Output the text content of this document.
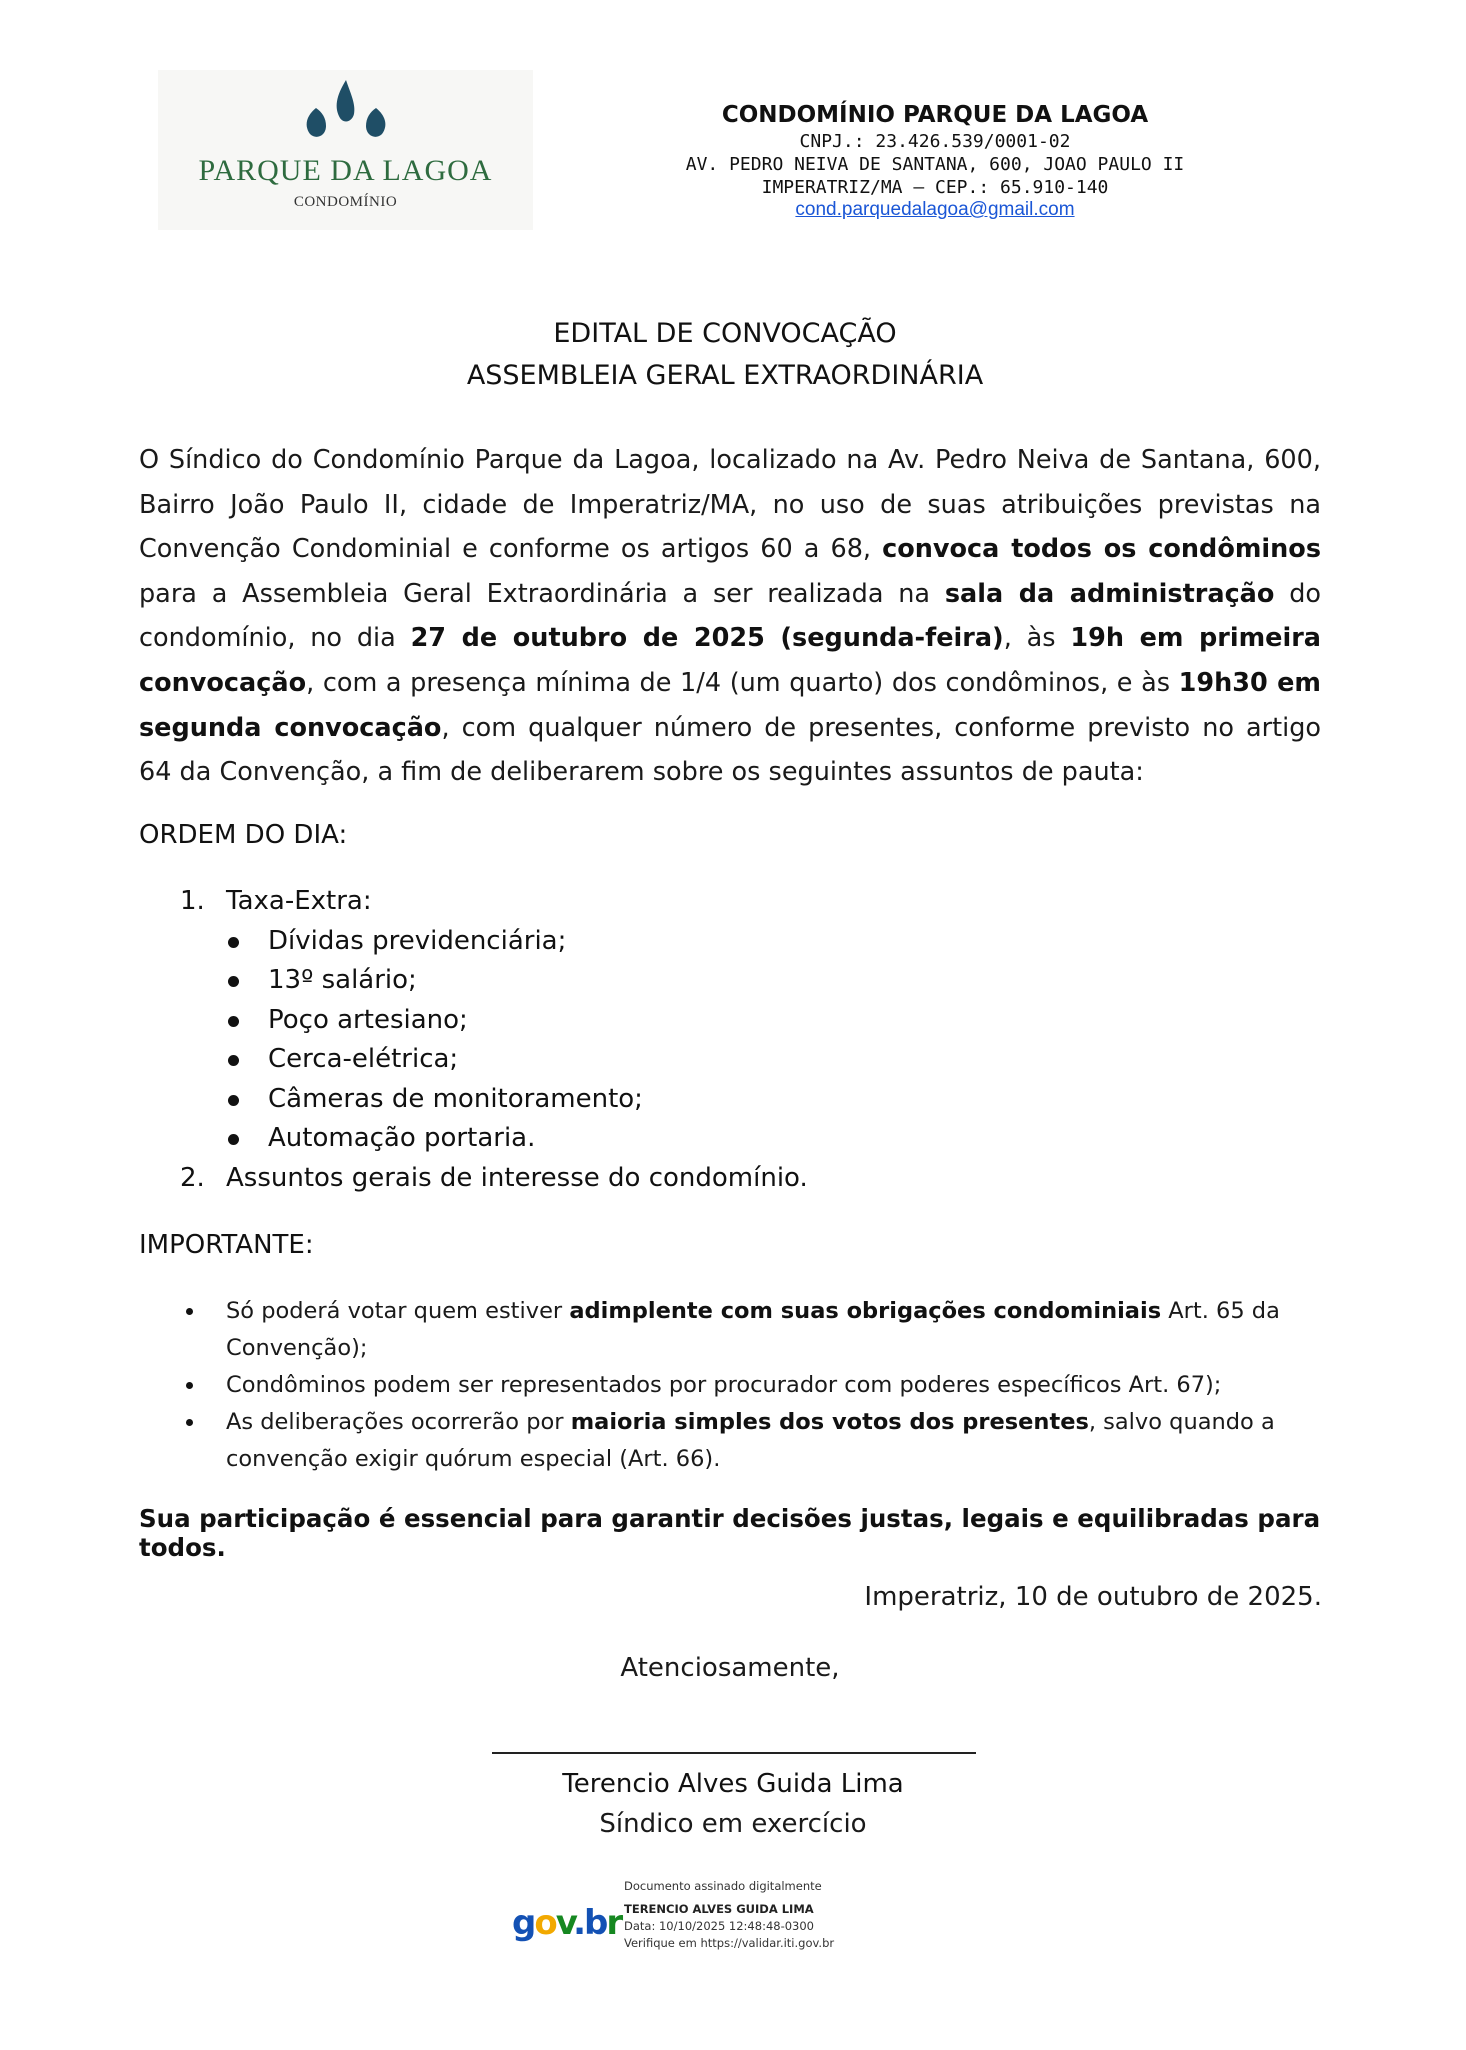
PARQUE DA LAGOA
CONDOMÍNIO
CONDOMÍNIO PARQUE DA LAGOA
CNPJ.: 23.426.539/0001-02
AV. PEDRO NEIVA DE SANTANA, 600, JOAO PAULO II
IMPERATRIZ/MA – CEP.: 65.910-140
cond.parquedalagoa@gmail.com
EDITAL DE CONVOCAÇÃO
ASSEMBLEIA GERAL EXTRAORDINÁRIA
O Síndico do Condomínio Parque da Lagoa, localizado na Av. Pedro Neiva de Santana, 600, Bairro João Paulo II, cidade de Imperatriz/MA, no uso de suas atribuições previstas na Convenção Condominial e conforme os artigos 60 a 68, convoca todos os condôminos para a Assembleia Geral Extraordinária a ser realizada na sala da administração do condomínio, no dia 27 de outubro de 2025 (segunda-feira), às 19h em primeira convocação, com a presença mínima de 1/4 (um quarto) dos condôminos, e às 19h30 em segunda convocação, com qualquer número de presentes, conforme previsto no artigo 64 da Convenção, a fim de deliberarem sobre os seguintes assuntos de pauta:
ORDEM DO DIA:
1. Taxa-Extra:
Dívidas previdenciária;
13º salário;
Poço artesiano;
Cerca-elétrica;
Câmeras de monitoramento;
Automação portaria.
2. Assuntos gerais de interesse do condomínio.
IMPORTANTE:
Só poderá votar quem estiver adimplente com suas obrigações condominiais Art. 65 da Convenção);
Condôminos podem ser representados por procurador com poderes específicos Art. 67);
As deliberações ocorrerão por maioria simples dos votos dos presentes, salvo quando a convenção exigir quórum especial (Art. 66).
Sua participação é essencial para garantir decisões justas, legais e equilibradas para todos.
Imperatriz, 10 de outubro de 2025.
Atenciosamente,
Terencio Alves Guida Lima
Síndico em exercício
gov.br
Documento assinado digitalmente
TERENCIO ALVES GUIDA LIMA
Data: 10/10/2025 12:48:48-0300
Verifique em https://validar.iti.gov.br
